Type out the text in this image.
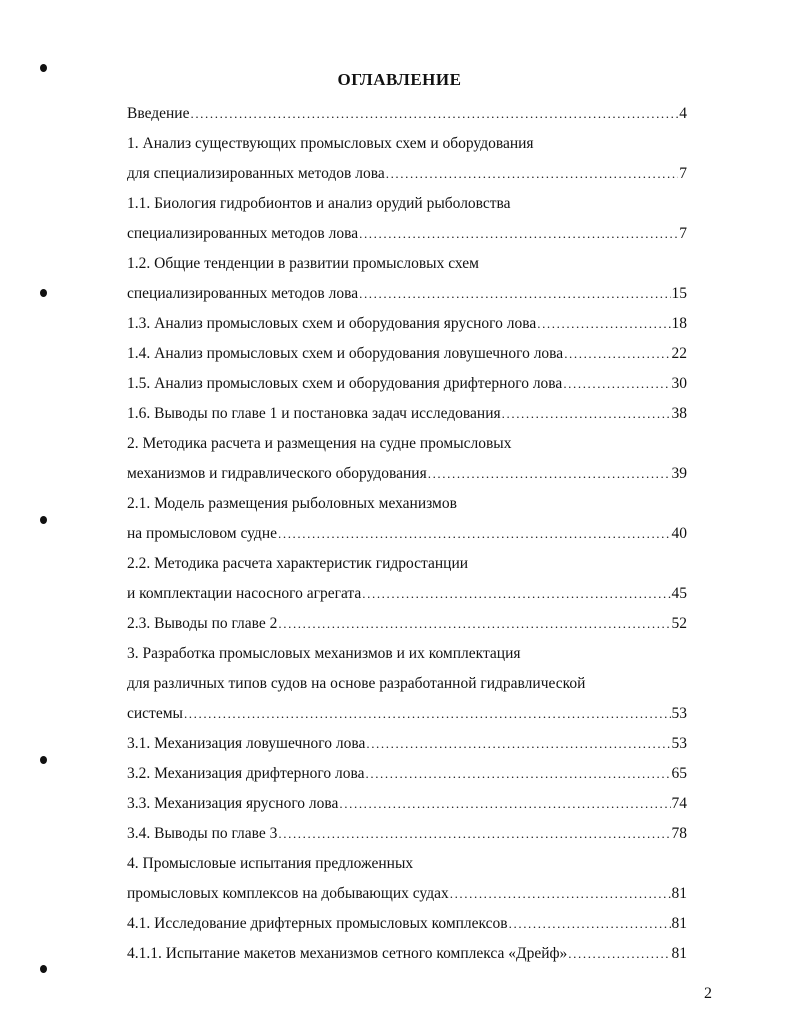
ОГЛАВЛЕНИЕ
Введение .....	4
1. Анализ существующих промысловых схем и оборудования
для специализированных методов лова .....	7
1.1. Биология гидробионтов и анализ орудий рыболовства
специализированных методов лова .....	7
1.2. Общие тенденции в развитии промысловых схем
специализированных методов лова .....	15
1.3. Анализ промысловых схем и оборудования ярусного лова .....	18
1.4. Анализ промысловых схем и оборудования ловушечного лова .....	22
1.5. Анализ промысловых схем и оборудования дрифтерного лова .....	30
1.6. Выводы по главе 1 и постановка задач исследования .....	38
2. Методика расчета и размещения на судне промысловых
механизмов и гидравлического оборудования .....	39
2.1. Модель размещения рыболовных механизмов
на промысловом судне .....	40
2.2. Методика расчета характеристик гидростанции
и комплектации насосного агрегата .....	45
2.3. Выводы по главе 2 .....	52
3. Разработка промысловых механизмов и их комплектация
для различных типов судов на основе разработанной гидравлической
системы .....	53
3.1. Механизация ловушечного лова .....	53
3.2. Механизация дрифтерного лова .....	65
3.3. Механизация ярусного лова .....	74
3.4. Выводы по главе 3 .....	78
4. Промысловые испытания предложенных
промысловых комплексов на добывающих судах .....	81
4.1. Исследование дрифтерных промысловых комплексов .....	81
4.1.1. Испытание макетов механизмов сетного комплекса «Дрейф» .....	81
2
